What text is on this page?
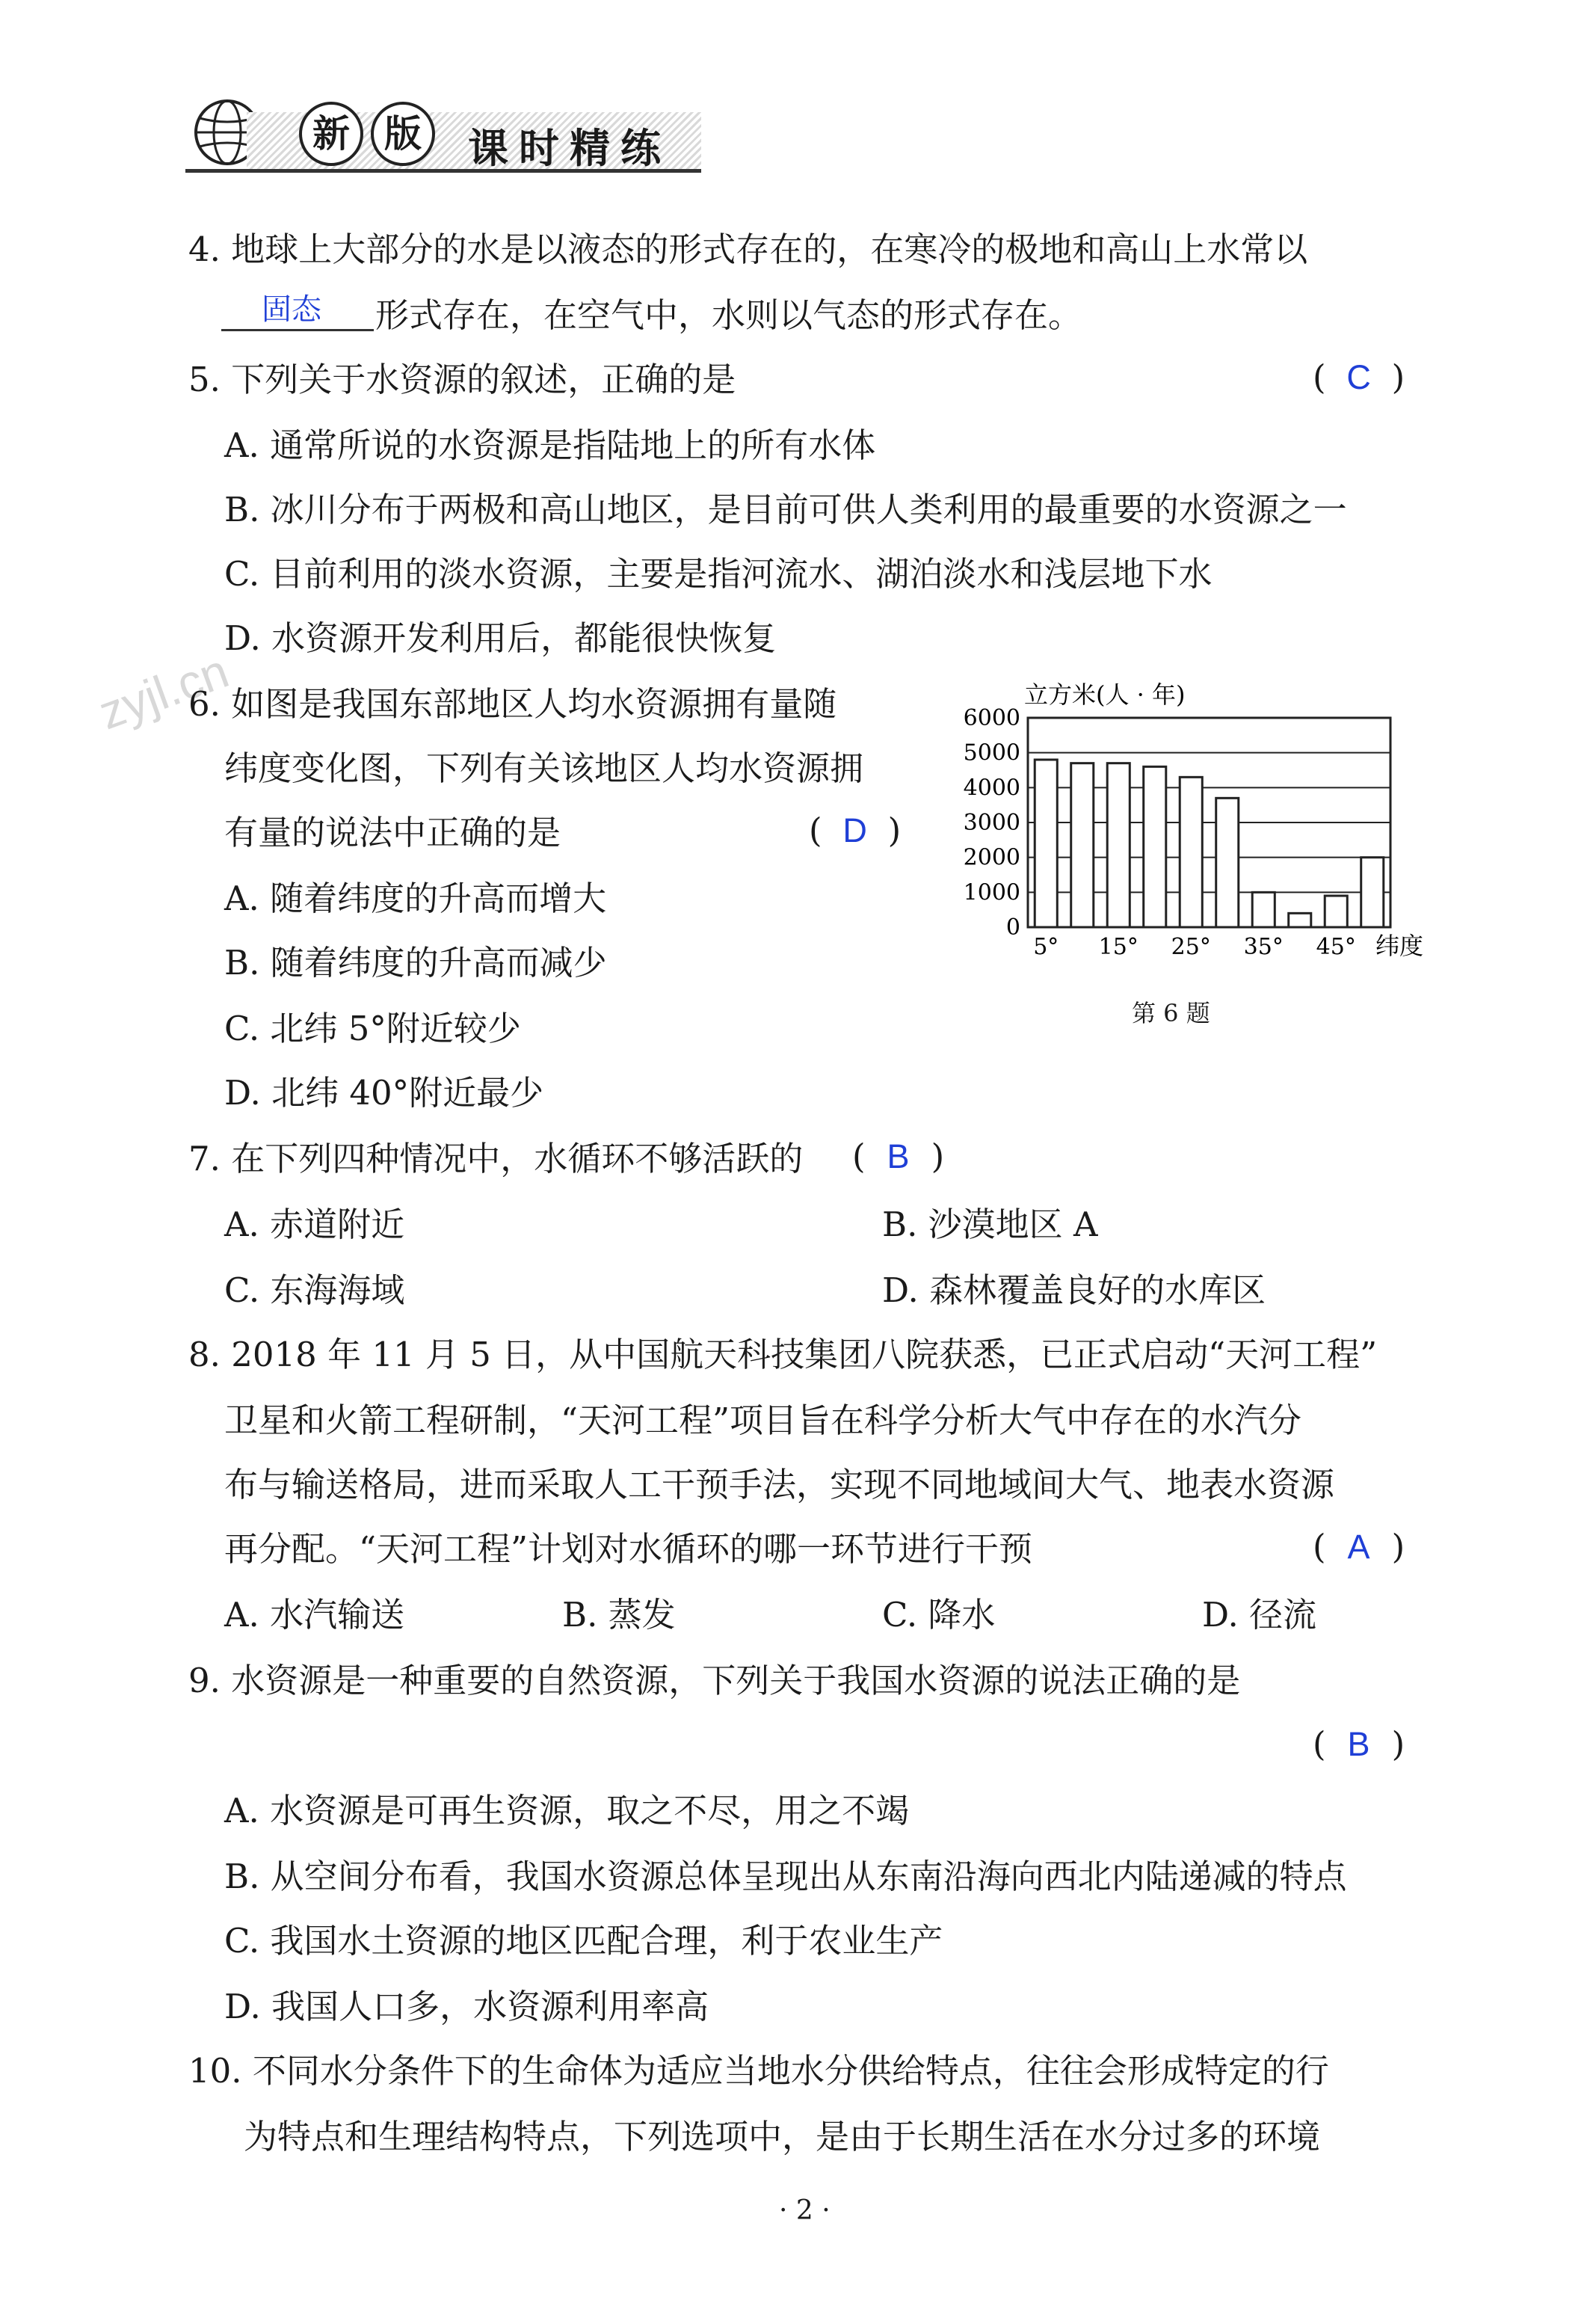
新 版	课时精练
zyjl.cn
4. 地球上大部分的水是以液态的形式存在的，在寒冷的极地和高山上水常以
固态 形式存在，在空气中，水则以气态的形式存在。
5. 下列关于水资源的叙述，正确的是	( C )
A. 通常所说的水资源是指陆地上的所有水体
B. 冰川分布于两极和高山地区，是目前可供人类利用的最重要的水资源之一
C. 目前利用的淡水资源，主要是指河流水、湖泊淡水和浅层地下水
D. 水资源开发利用后，都能很快恢复
6. 如图是我国东部地区人均水资源拥有量随
纬度变化图，下列有关该地区人均水资源拥
有量的说法中正确的是	( D )
A. 随着纬度的升高而增大
B. 随着纬度的升高而减少
C. 北纬 5°附近较少
D. 北纬 40°附近最少
立方米(人 · 年)
0
1000
2000
3000
4000
5000
6000
5° 15° 25° 35° 45° 纬度
第 6 题
7. 在下列四种情况中，水循环不够活跃的 ( B )
A. 赤道附近	B. 沙漠地区 A
C. 东海海域	D. 森林覆盖良好的水库区
8. 2018 年 11 月 5 日，从中国航天科技集团八院获悉，已正式启动“天河工程”
卫星和火箭工程研制，“天河工程”项目旨在科学分析大气中存在的水汽分
布与输送格局，进而采取人工干预手法，实现不同地域间大气、地表水资源
再分配。“天河工程”计划对水循环的哪一环节进行干预	( A )
A. 水汽输送	B. 蒸发	C. 降水	D. 径流
9. 水资源是一种重要的自然资源，下列关于我国水资源的说法正确的是
( B )
A. 水资源是可再生资源，取之不尽，用之不竭
B. 从空间分布看，我国水资源总体呈现出从东南沿海向西北内陆递减的特点
C. 我国水土资源的地区匹配合理，利于农业生产
D. 我国人口多，水资源利用率高
10. 不同水分条件下的生命体为适应当地水分供给特点，往往会形成特定的行
为特点和生理结构特点，下列选项中，是由于长期生活在水分过多的环境
· 2 ·
